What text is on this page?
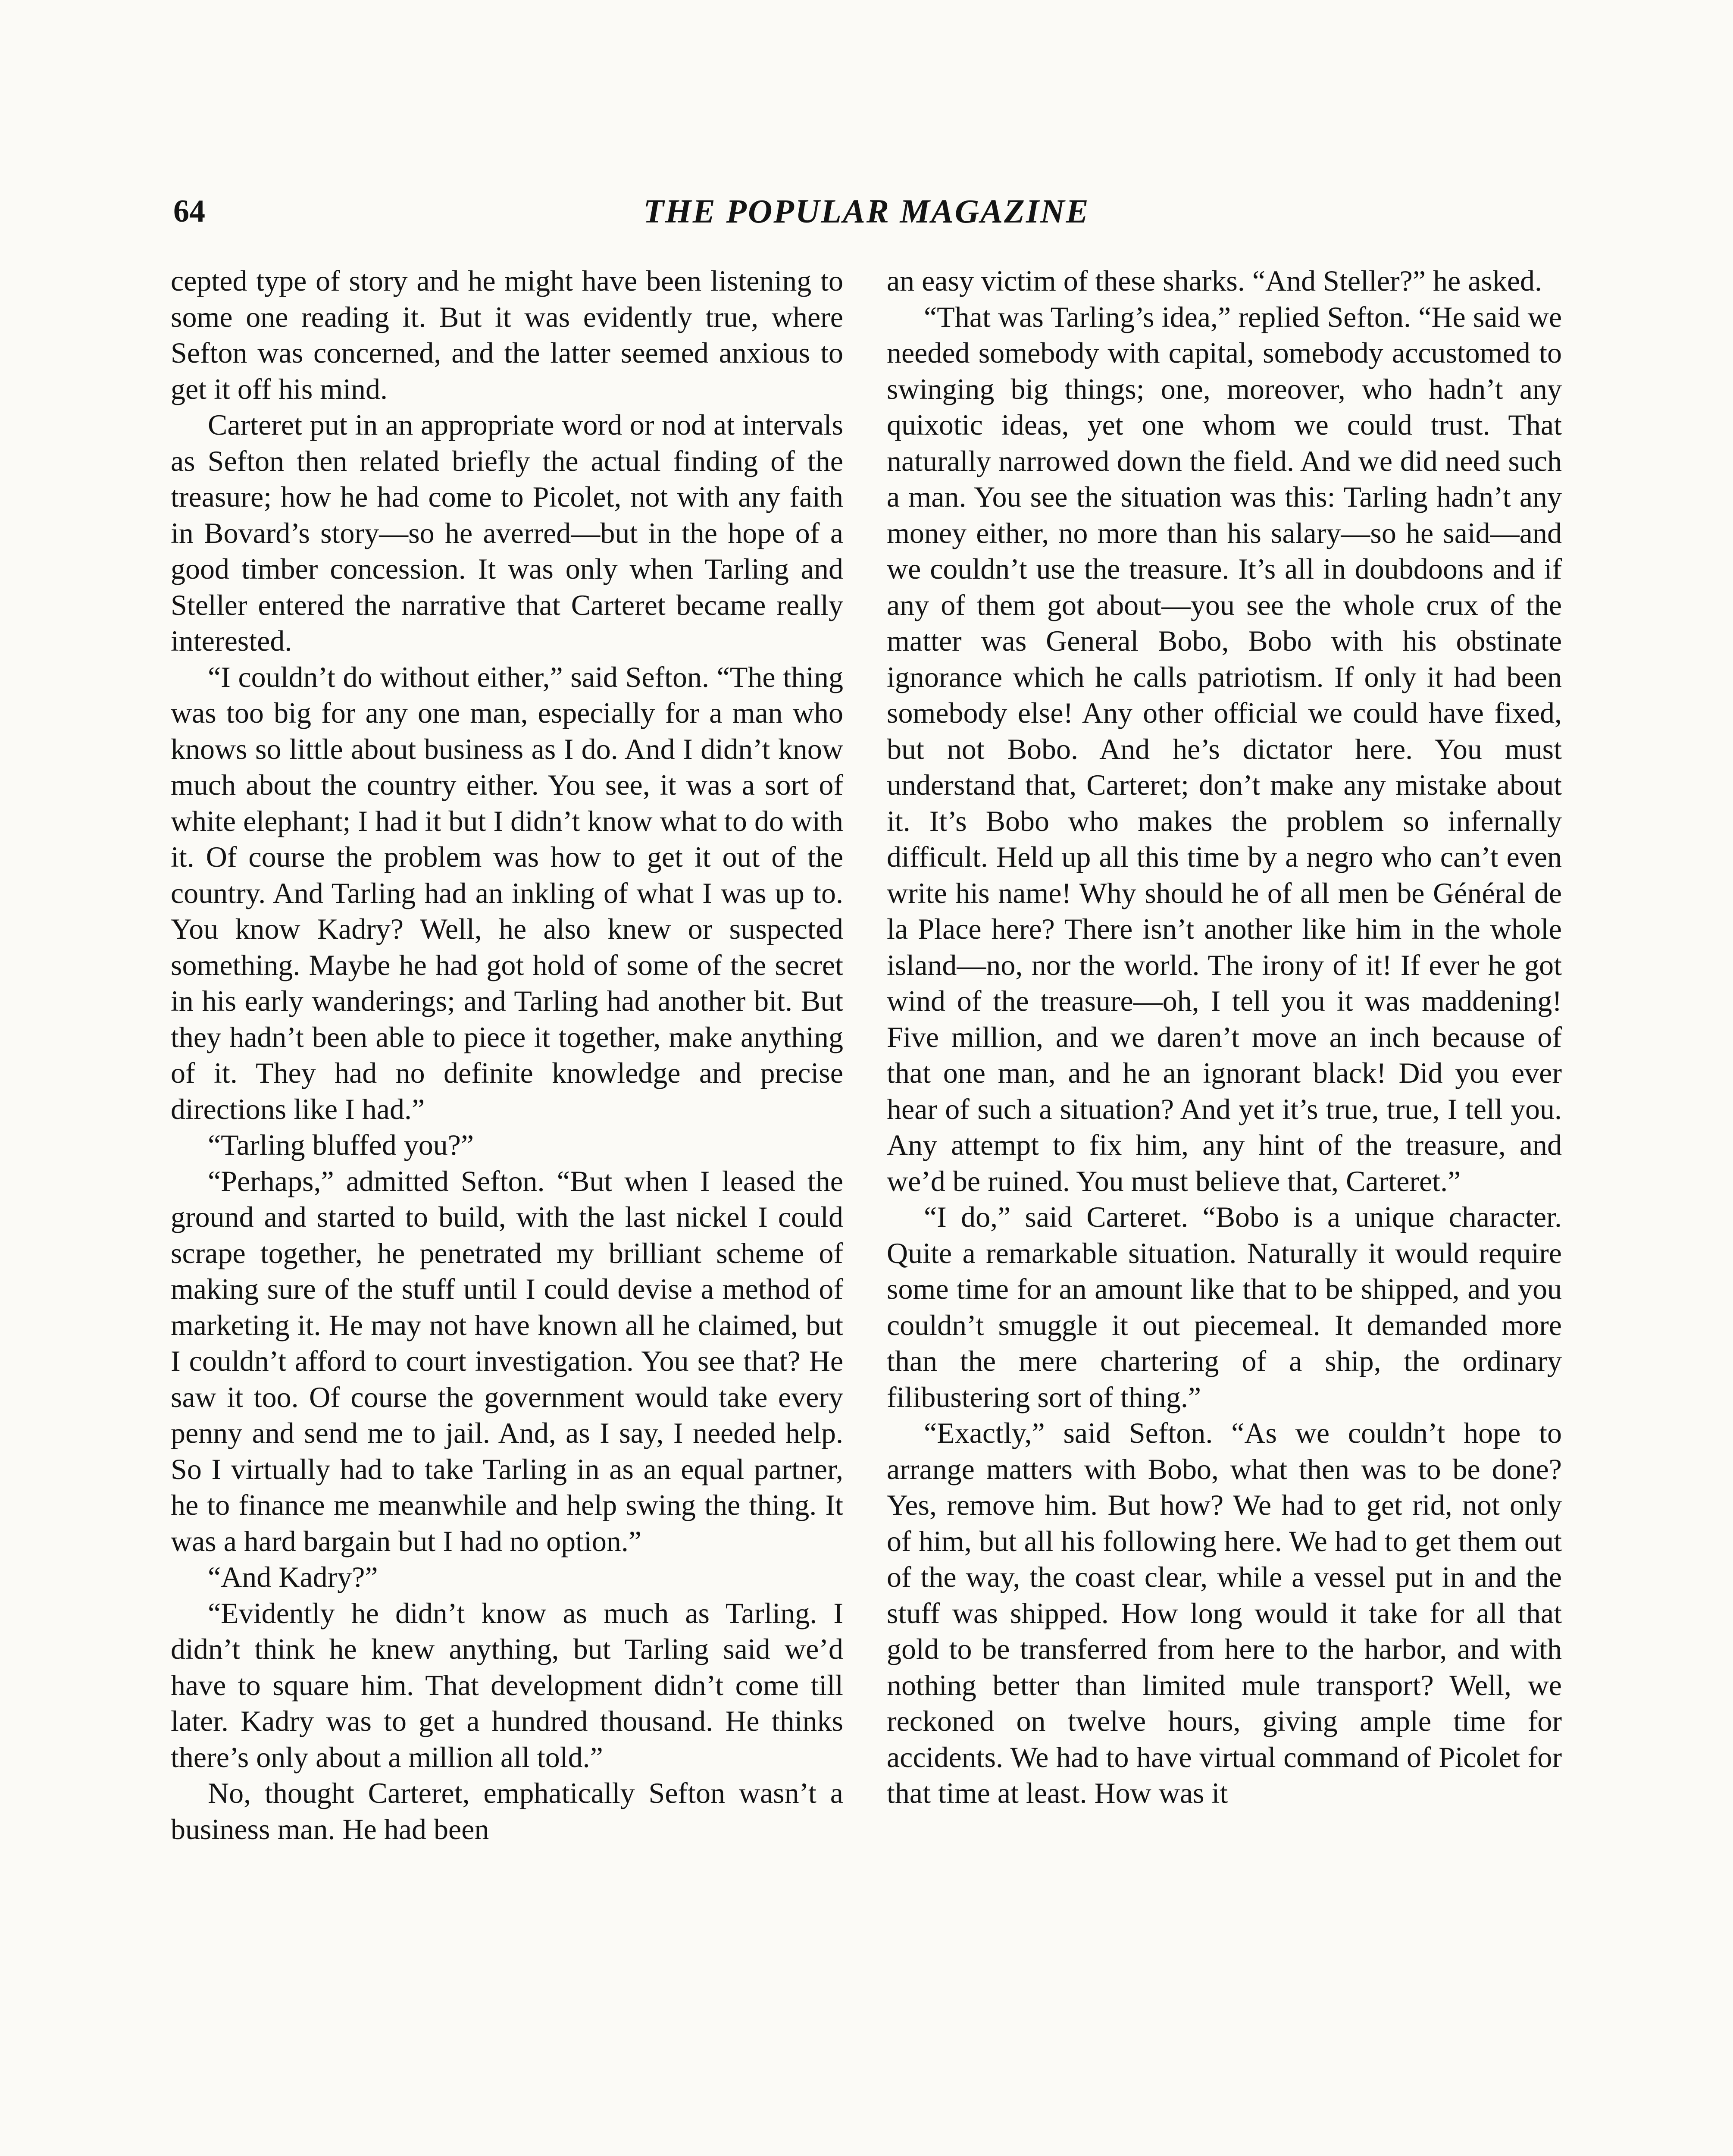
64	THE POPULAR MAGAZINE

cepted type of story and he might have been listening to some one reading it. But it was evidently true, where Sefton was concerned, and the latter seemed anxious to get it off his mind.

Carteret put in an appropriate word or nod at intervals as Sefton then related briefly the actual finding of the treasure; how he had come to Picolet, not with any faith in Bovard’s story—so he averred—but in the hope of a good timber concession. It was only when Tarling and Steller entered the narrative that Carteret became really interested.

“I couldn’t do without either,” said Sefton. “The thing was too big for any one man, especially for a man who knows so little about business as I do. And I didn’t know much about the country either. You see, it was a sort of white elephant; I had it but I didn’t know what to do with it. Of course the problem was how to get it out of the country. And Tarling had an inkling of what I was up to. You know Kadry? Well, he also knew or suspected something. Maybe he had got hold of some of the secret in his early wanderings; and Tarling had another bit. But they hadn’t been able to piece it together, make anything of it. They had no definite knowledge and precise directions like I had.”

“Tarling bluffed you?”

“Perhaps,” admitted Sefton. “But when I leased the ground and started to build, with the last nickel I could scrape together, he penetrated my brilliant scheme of making sure of the stuff until I could devise a method of marketing it. He may not have known all he claimed, but I couldn’t afford to court investigation. You see that? He saw it too. Of course the government would take every penny and send me to jail. And, as I say, I needed help. So I virtually had to take Tarling in as an equal partner, he to finance me meanwhile and help swing the thing. It was a hard bargain but I had no option.”

“And Kadry?”

“Evidently he didn’t know as much as Tarling. I didn’t think he knew anything, but Tarling said we’d have to square him. That development didn’t come till later. Kadry was to get a hundred thousand. He thinks there’s only about a million all told.”

No, thought Carteret, emphatically Sefton wasn’t a business man. He had been

an easy victim of these sharks. “And Steller?” he asked.

“That was Tarling’s idea,” replied Sefton. “He said we needed somebody with capital, somebody accustomed to swinging big things; one, moreover, who hadn’t any quixotic ideas, yet one whom we could trust. That naturally narrowed down the field. And we did need such a man. You see the situation was this: Tarling hadn’t any money either, no more than his salary—so he said—and we couldn’t use the treasure. It’s all in doubdoons and if any of them got about—you see the whole crux of the matter was General Bobo, Bobo with his obstinate ignorance which he calls patriotism. If only it had been somebody else! Any other official we could have fixed, but not Bobo. And he’s dictator here. You must understand that, Carteret; don’t make any mistake about it. It’s Bobo who makes the problem so infernally difficult. Held up all this time by a negro who can’t even write his name! Why should he of all men be Général de la Place here? There isn’t another like him in the whole island—no, nor the world. The irony of it! If ever he got wind of the treasure—oh, I tell you it was maddening! Five million, and we daren’t move an inch because of that one man, and he an ignorant black! Did you ever hear of such a situation? And yet it’s true, true, I tell you. Any attempt to fix him, any hint of the treasure, and we’d be ruined. You must believe that, Carteret.”

“I do,” said Carteret. “Bobo is a unique character. Quite a remarkable situation. Naturally it would require some time for an amount like that to be shipped, and you couldn’t smuggle it out piecemeal. It demanded more than the mere chartering of a ship, the ordinary filibustering sort of thing.”

“Exactly,” said Sefton. “As we couldn’t hope to arrange matters with Bobo, what then was to be done? Yes, remove him. But how? We had to get rid, not only of him, but all his following here. We had to get them out of the way, the coast clear, while a vessel put in and the stuff was shipped. How long would it take for all that gold to be transferred from here to the harbor, and with nothing better than limited mule transport? Well, we reckoned on twelve hours, giving ample time for accidents. We had to have virtual command of Picolet for that time at least. How was it
